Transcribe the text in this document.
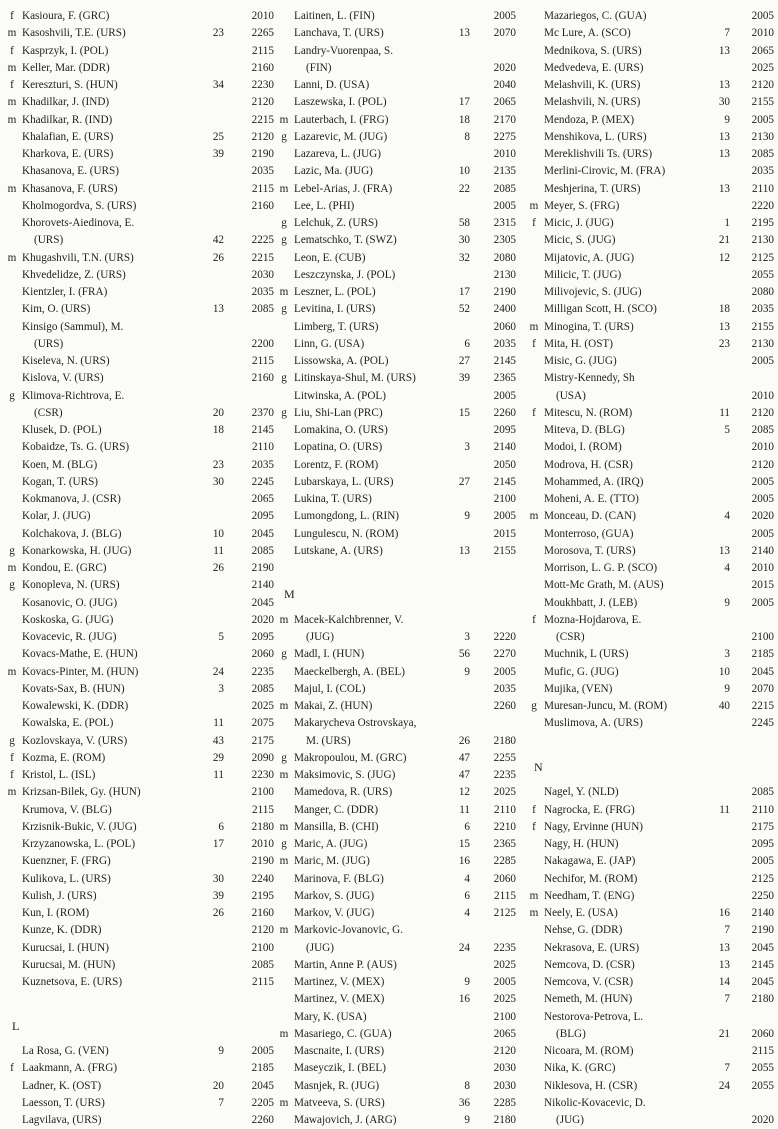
f Kasioura, F. (GRC)	2010
m Kasoshvili, T.E. (URS)	23	2265
f Kasprzyk, I. (POL)	2115
m Keller, Mar. (DDR)	2160
f Kereszturi, S. (HUN)	34	2230
m Khadilkar, J. (IND)	2120
m Khadilkar, R. (IND)	2215
Khalafian, E. (URS)	25	2120
Kharkova, E. (URS)	39	2190
Khasanova, E. (URS)	2035
m Khasanova, F. (URS)	2115
Kholmogordva, S. (URS)	2160
Khorovets-Aiedinova, E.
(URS)	42	2225
m Khugashvili, T.N. (URS)	26	2215
Khvedelidze, Z. (URS)	2030
Kientzler, I. (FRA)	2035
Kim, O. (URS)	13	2085
Kinsigo (Sammul), M.
(URS)	2200
Kiseleva, N. (URS)	2115
Kislova, V. (URS)	2160
g Klimova-Richtrova, E.
(CSR)	20	2370
Klusek, D. (POL)	18	2145
Kobaidze, Ts. G. (URS)	2110
Koen, M. (BLG)	23	2035
Kogan, T. (URS)	30	2245
Kokmanova, J. (CSR)	2065
Kolar, J. (JUG)	2095
Kolchakova, J. (BLG)	10	2045
g Konarkowska, H. (JUG)	11	2085
m Kondou, E. (GRC)	26	2190
g Konopleva, N. (URS)	2140
Kosanovic, O. (JUG)	2045
Koskoska, G. (JUG)	2020
Kovacevic, R. (JUG)	5	2095
Kovacs-Mathe, E. (HUN)	2060
m Kovacs-Pinter, M. (HUN)	24	2235
Kovats-Sax, B. (HUN)	3	2085
Kowalewski, K. (DDR)	2025
Kowalska, E. (POL)	11	2075
g Kozlovskaya, V. (URS)	43	2175
f Kozma, E. (ROM)	29	2090
f Kristol, L. (ISL)	11	2230
m Krizsan-Bilek, Gy. (HUN)	2100
Krumova, V. (BLG)	2115
Krzisnik-Bukic, V. (JUG)	6	2180
Krzyzanowska, L. (POL)	17	2010
Kuenzner, F. (FRG)	2190
Kulikova, L. (URS)	30	2240
Kulish, J. (URS)	39	2195
Kun, I. (ROM)	26	2160
Kunze, K. (DDR)	2120
Kurucsai, I. (HUN)	2100
Kurucsai, M. (HUN)	2085
Kuznetsova, E. (URS)	2115
L
La Rosa, G. (VEN)	9	2005
f Laakmann, A. (FRG)	2185
Ladner, K. (OST)	20	2045
Laesson, T. (URS)	7	2205
Lagvilava, (URS)	2260
Laitinen, L. (FIN)	2005
Lanchava, T. (URS)	13	2070
Landry-Vuorenpaa, S.
(FIN)	2020
Lanni, D. (USA)	2040
Laszewska, I. (POL)	17	2065
m Lauterbach, I. (FRG)	18	2170
g Lazarevic, M. (JUG)	8	2275
Lazareva, L. (JUG)	2010
Lazic, Ma. (JUG)	10	2135
m Lebel-Arias, J. (FRA)	22	2085
Lee, L. (PHI)	2005
g Lelchuk, Z. (URS)	58	2315
g Lematschko, T. (SWZ)	30	2305
Leon, E. (CUB)	32	2080
Leszczynska, J. (POL)	2130
m Leszner, L. (POL)	17	2190
g Levitina, I. (URS)	52	2400
Limberg, T. (URS)	2060
Linn, G. (USA)	6	2035
Lissowska, A. (POL)	27	2145
g Litinskaya-Shul, M. (URS)	39	2365
Litwinska, A. (POL)	2005
g Liu, Shi-Lan (PRC)	15	2260
Lomakina, O. (URS)	2095
Lopatina, O. (URS)	3	2140
Lorentz, F. (ROM)	2050
Lubarskaya, L. (URS)	27	2145
Lukina, T. (URS)	2100
Lumongdong, L. (RIN)	9	2005
Lungulescu, N. (ROM)	2015
Lutskane, A. (URS)	13	2155
M
m Macek-Kalchbrenner, V.
(JUG)	3	2220
g Madl, I. (HUN)	56	2270
Maeckelbergh, A. (BEL)	9	2005
Majul, I. (COL)	2035
m Makai, Z. (HUN)	2260
Makarycheva Ostrovskaya,
M. (URS)	26	2180
g Makropoulou, M. (GRC)	47	2255
m Maksimovic, S. (JUG)	47	2235
Mamedova, R. (URS)	12	2025
Manger, C. (DDR)	11	2110
m Mansilla, B. (CHI)	6	2210
g Maric, A. (JUG)	15	2365
m Maric, M. (JUG)	16	2285
Marinova, F. (BLG)	4	2060
Markov, S. (JUG)	6	2115
Markov, V. (JUG)	4	2125
m Markovic-Jovanovic, G.
(JUG)	24	2235
Martin, Anne P. (AUS)	2025
Martinez, V. (MEX)	9	2005
Martinez, V. (MEX)	16	2025
Mary, K. (USA)	2100
m Masariego, C. (GUA)	2065
Mascnaite, I. (URS)	2120
Maseyczik, I. (BEL)	2030
Masnjek, R. (JUG)	8	2030
m Matveeva, S. (URS)	36	2285
Mawajovich, J. (ARG)	9	2180
Mazariegos, C. (GUA)	2005
Mc Lure, A. (SCO)	7	2010
Mednikova, S. (URS)	13	2065
Medvedeva, E. (URS)	2025
Melashvili, K. (URS)	13	2120
Melashvili, N. (URS)	30	2155
Mendoza, P. (MEX)	9	2005
Menshikova, L. (URS)	13	2130
Mereklishvili Ts. (URS)	13	2085
Merlini-Cirovic, M. (FRA)	2035
Meshjerina, T. (URS)	13	2110
m Meyer, S. (FRG)	2220
f Micic, J. (JUG)	1	2195
Micic, S. (JUG)	21	2130
Mijatovic, A. (JUG)	12	2125
Milicic, T. (JUG)	2055
Milivojevic, S. (JUG)	2080
Milligan Scott, H. (SCO)	18	2035
m Minogina, T. (URS)	13	2155
f Mita, H. (OST)	23	2130
Misic, G. (JUG)	2005
Mistry-Kennedy, Sh
(USA)	2010
f Mitescu, N. (ROM)	11	2120
Miteva, D. (BLG)	5	2085
Modoi, I. (ROM)	2010
Modrova, H. (CSR)	2120
Mohammed, A. (IRQ)	2005
Moheni, A. E. (TTO)	2005
m Monceau, D. (CAN)	4	2020
Monterroso, (GUA)	2005
Morosova, T. (URS)	13	2140
Morrison, L. G. P. (SCO)	4	2010
Mott-Mc Grath, M. (AUS)	2015
Moukhbatt, J. (LEB)	9	2005
f Mozna-Hojdarova, E.
(CSR)	2100
Muchnik, L (URS)	3	2185
Mufic, G. (JUG)	10	2045
Mujika, (VEN)	9	2070
g Muresan-Juncu, M. (ROM)	40	2215
Muslimova, A. (URS)	2245
N
Nagel, Y. (NLD)	2085
f Nagrocka, E. (FRG)	11	2110
f Nagy, Ervinne (HUN)	2175
Nagy, H. (HUN)	2095
Nakagawa, E. (JAP)	2005
Nechifor, M. (ROM)	2125
m Needham, T. (ENG)	2250
m Neely, E. (USA)	16	2140
Nehse, G. (DDR)	7	2190
Nekrasova, E. (URS)	13	2045
Nemcova, D. (CSR)	13	2145
Nemcova, V. (CSR)	14	2045
Nemeth, M. (HUN)	7	2180
Nestorova-Petrova, L.
(BLG)	21	2060
Nicoara, M. (ROM)	2115
Nika, K. (GRC)	7	2055
Niklesova, H. (CSR)	24	2055
Nikolic-Kovacevic, D.
(JUG)	2020
